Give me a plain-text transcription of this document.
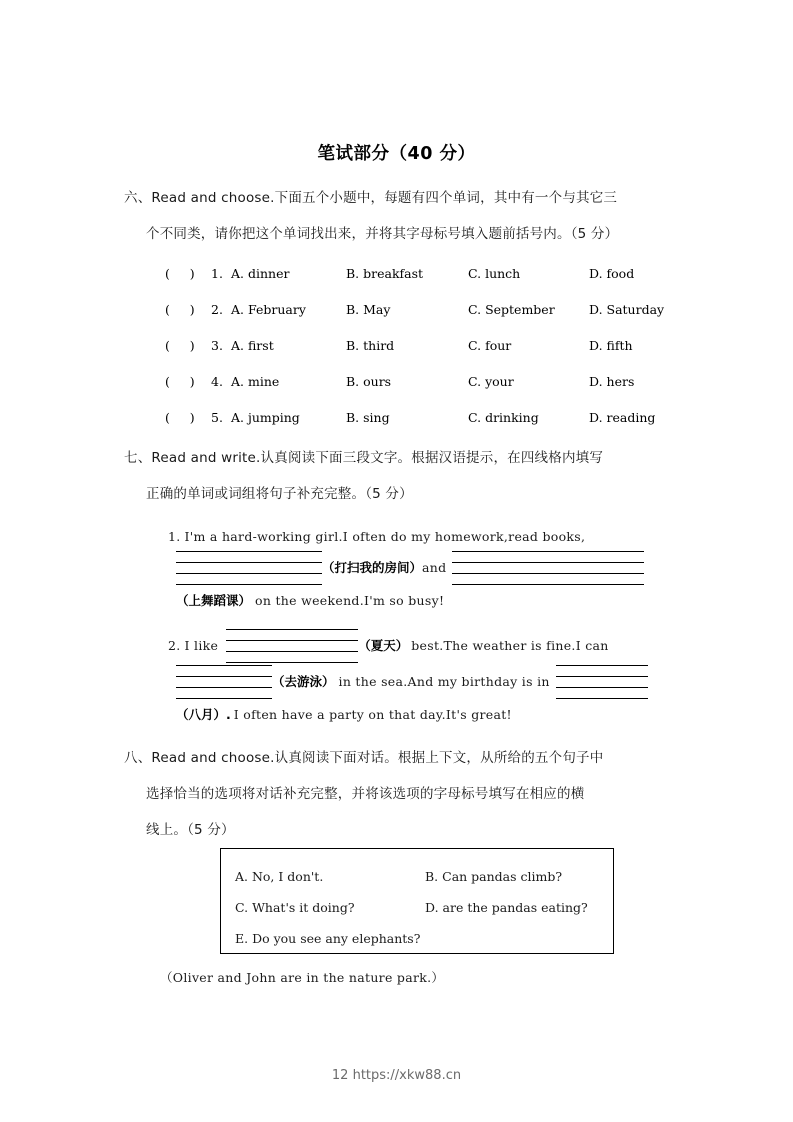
笔试部分（40 分）
六、Read and choose.下面五个小题中，每题有四个单词，其中有一个与其它三
个不同类，请你把这个单词找出来，并将其字母标号填入题前括号内。（5 分）
(     ) 1. A. dinner	B. breakfast	C. lunch	D. food
(     ) 2. A. February	B. May	C. September	D. Saturday
(     ) 3. A. first	B. third	C. four	D. fifth
(     ) 4. A. mine	B. ours	C. your	D. hers
(     ) 5. A. jumping	B. sing	C. drinking	D. reading
七、Read and write.认真阅读下面三段文字。根据汉语提示，在四线格内填写
正确的单词或词组将句子补充完整。（5 分）
1. I'm a hard-working girl.I often do my homework,read books,
（打扫我的房间）and
（上舞蹈课） on the weekend.I'm so busy!
2. I like	（夏天） best.The weather is fine.I can
（去游泳） in the sea.And my birthday is in
（八月）. I often have a party on that day.It's great!
八、Read and choose.认真阅读下面对话。根据上下文，从所给的五个句子中
选择恰当的选项将对话补充完整，并将该选项的字母标号填写在相应的横
线上。（5 分）
A. No, I don't.	B. Can pandas climb?
C. What's it doing?	D. are the pandas eating?
E. Do you see any elephants?
（Oliver and John are in the nature park.）
12 https://xkw88.cn
